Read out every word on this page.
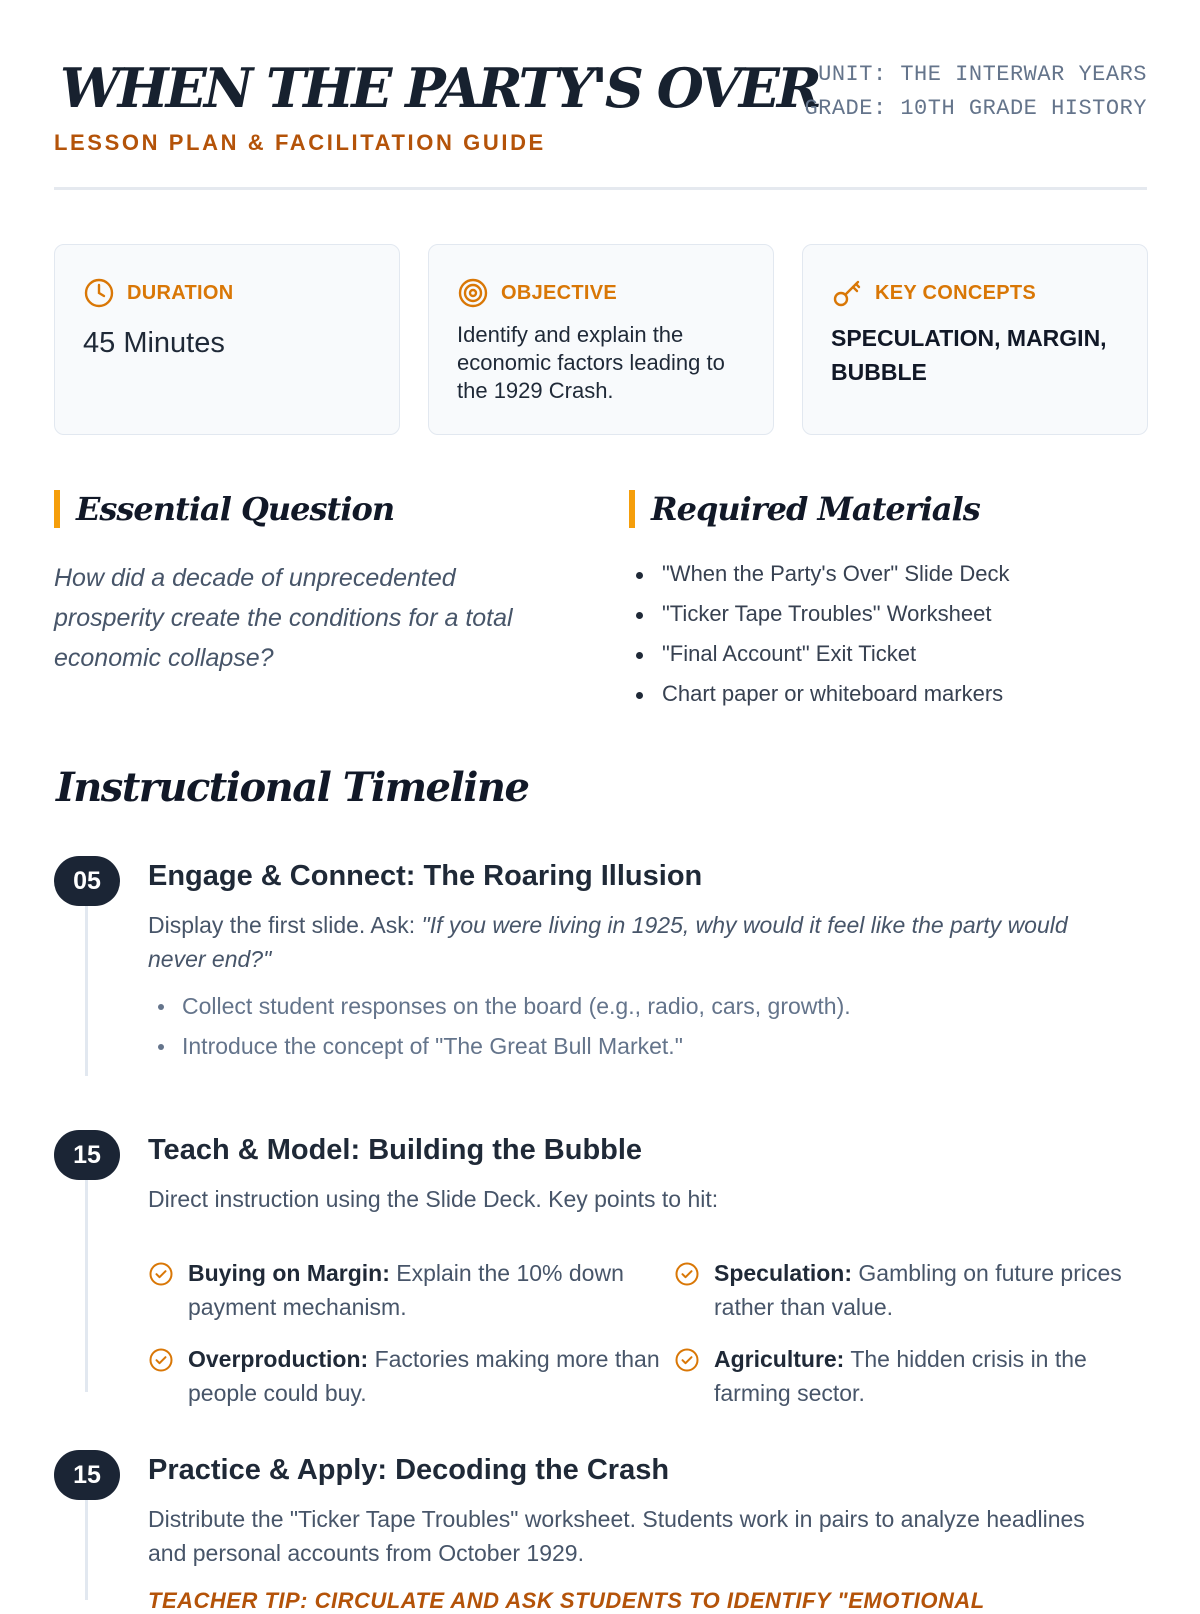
WHEN THE PARTY'S OVER
LESSON PLAN & FACILITATION GUIDE
UNIT: THE INTERWAR YEARS
GRADE: 10TH GRADE HISTORY
DURATION
45 Minutes
OBJECTIVE
Identify and explain the economic factors leading to the 1929 Crash.
KEY CONCEPTS
SPECULATION, MARGIN, BUBBLE
Essential Question
How did a decade of unprecedented prosperity create the conditions for a total economic collapse?
Required Materials
"When the Party's Over" Slide Deck
"Ticker Tape Troubles" Worksheet
"Final Account" Exit Ticket
Chart paper or whiteboard markers
Instructional Timeline
05	Engage & Connect: The Roaring Illusion
Display the first slide. Ask: "If you were living in 1925, why would it feel like the party would never end?"
Collect student responses on the board (e.g., radio, cars, growth).
Introduce the concept of "The Great Bull Market."
15	Teach & Model: Building the Bubble
Direct instruction using the Slide Deck. Key points to hit:
Buying on Margin: Explain the 10% down payment mechanism.
Speculation: Gambling on future prices rather than value.
Overproduction: Factories making more than people could buy.
Agriculture: The hidden crisis in the farming sector.
15	Practice & Apply: Decoding the Crash
Distribute the "Ticker Tape Troubles" worksheet. Students work in pairs to analyze headlines and personal accounts from October 1929.
TEACHER TIP: CIRCULATE AND ASK STUDENTS TO IDENTIFY "EMOTIONAL
